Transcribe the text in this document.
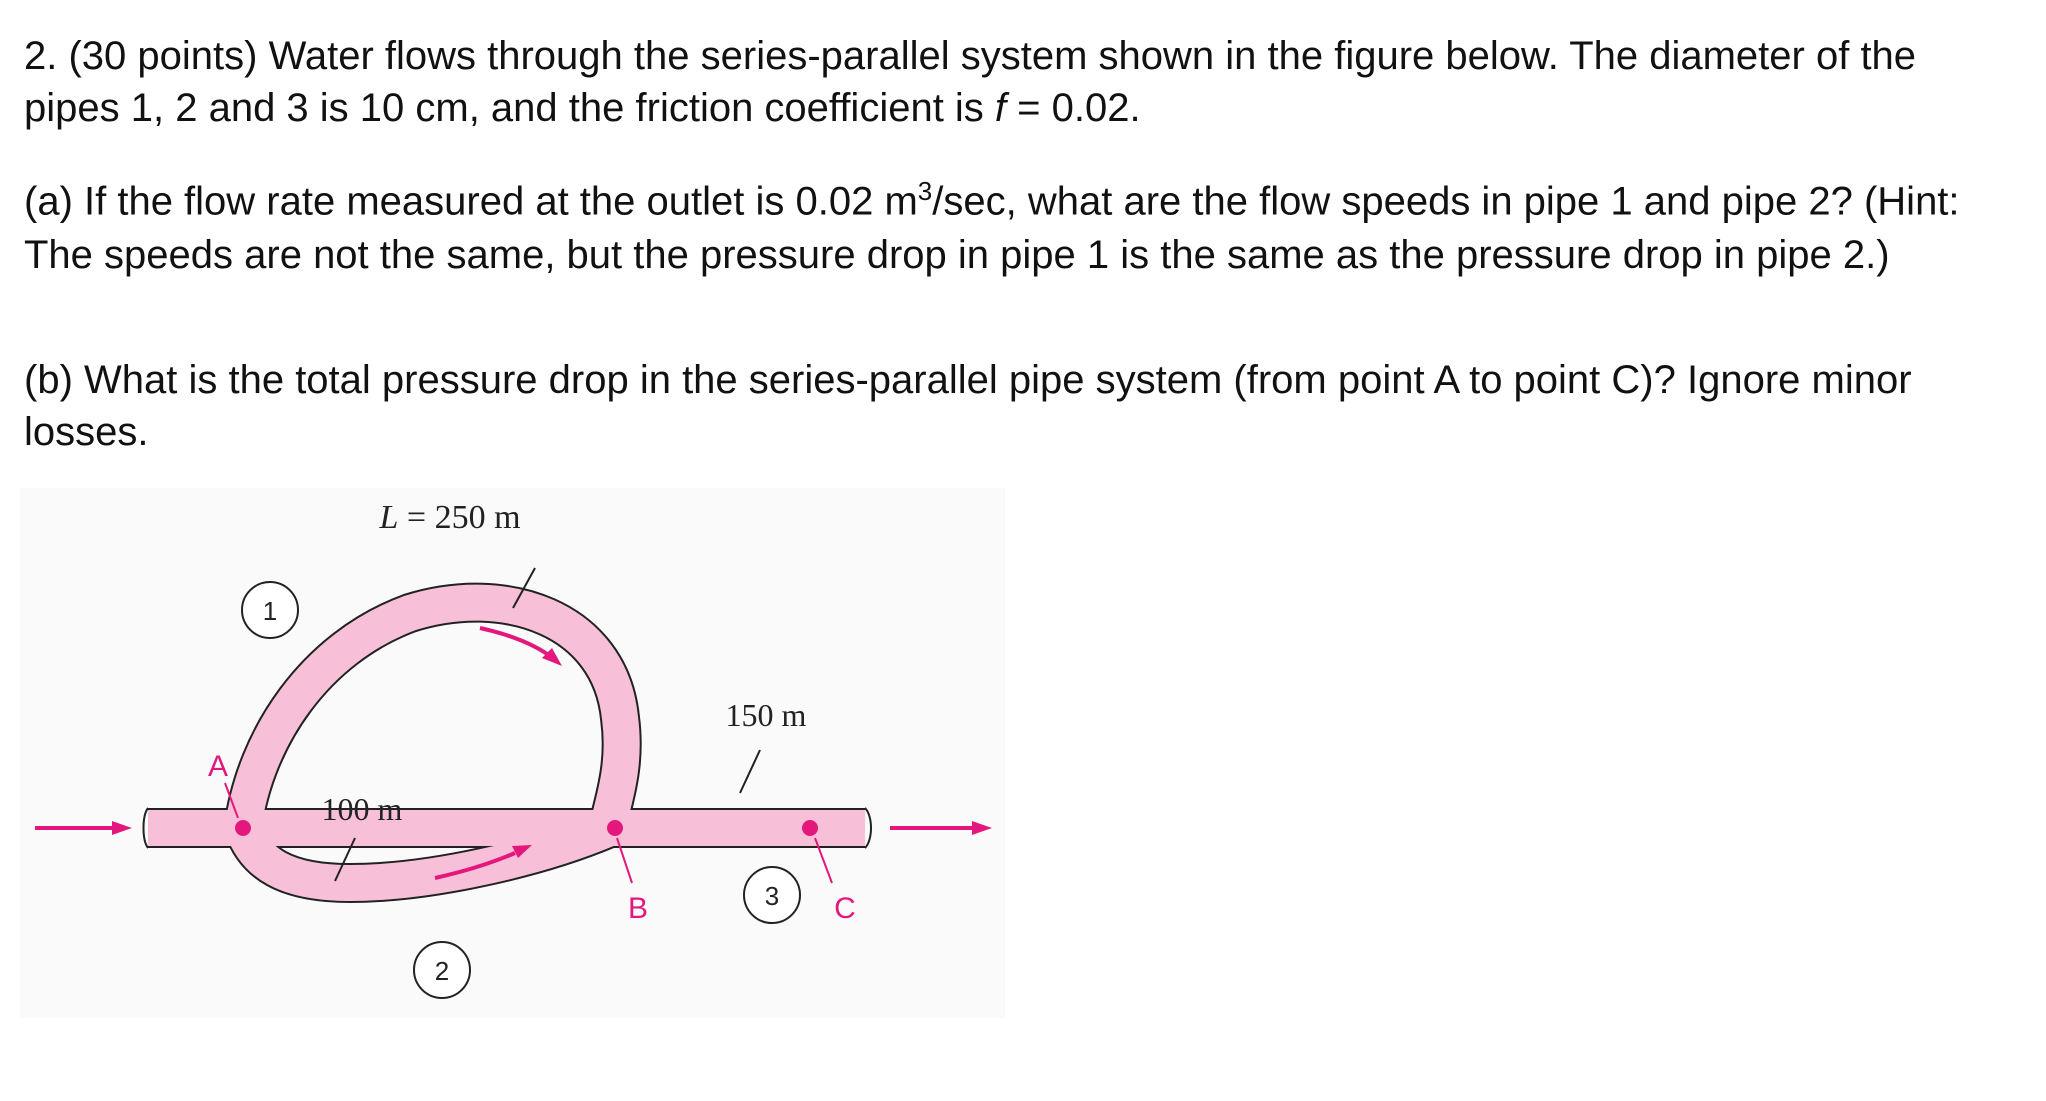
2. (30 points) Water flows through the series-parallel system shown in the figure below. The diameter of the pipes 1, 2 and 3 is 10 cm, and the friction coefficient is f = 0.02.

(a) If the flow rate measured at the outlet is 0.02 $m^3/\sec$, what are the flow speeds in pipe 1 and pipe 2? (Hint: The speeds are not the same, but the pressure drop in pipe 1 is the same as the pressure drop in pipe 2.)

(b) What is the total pressure drop in the series-parallel pipe system (from point A to point C)? Ignore minor losses.

A
B	C
L = 250 m
100 m
150 m
1
2
3
